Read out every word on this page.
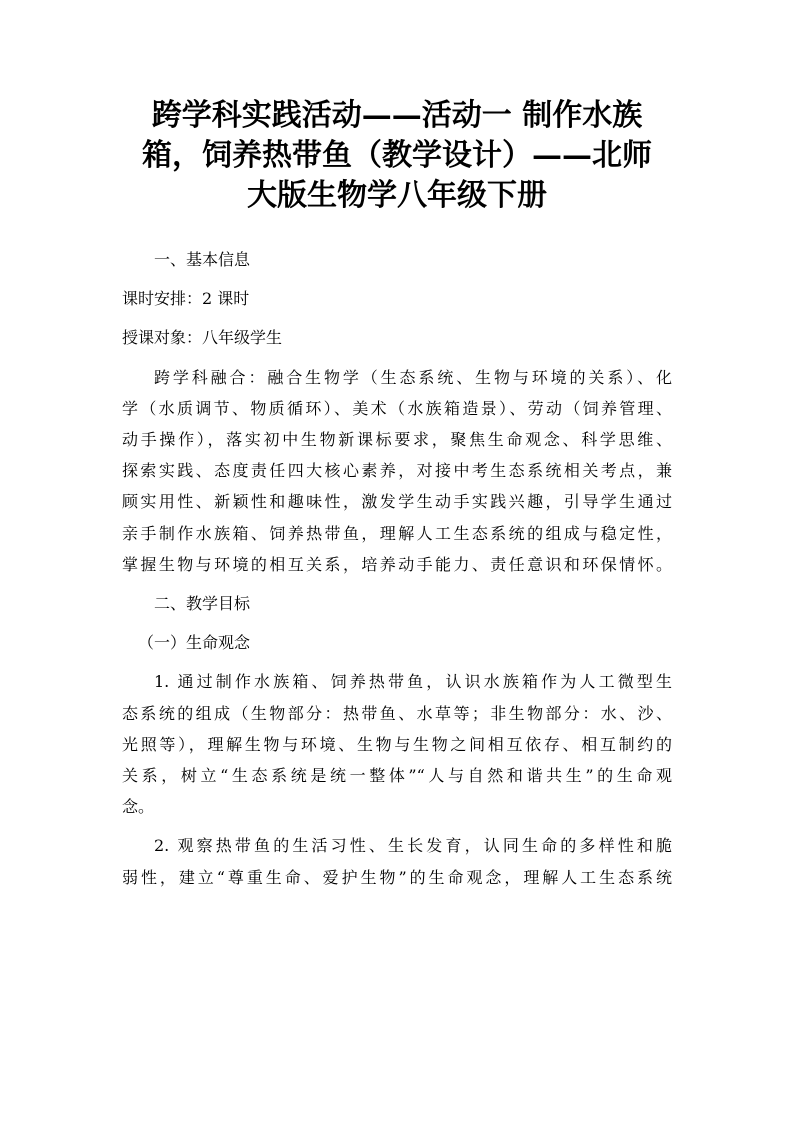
跨学科实践活动——活动一 制作水族
箱，饲养热带鱼（教学设计）——北师
大版生物学八年级下册
一、基本信息
课时安排：2 课时
授课对象：八年级学生
跨学科融合：融合生物学（生态系统、生物与环境的关系）、化
学（水质调节、物质循环）、美术（水族箱造景）、劳动（饲养管理、
动手操作），落实初中生物新课标要求，聚焦生命观念、科学思维、
探索实践、态度责任四大核心素养，对接中考生态系统相关考点，兼
顾实用性、新颖性和趣味性，激发学生动手实践兴趣，引导学生通过
亲手制作水族箱、饲养热带鱼，理解人工生态系统的组成与稳定性，
掌握生物与环境的相互关系，培养动手能力、责任意识和环保情怀。
二、教学目标
（一）生命观念
1. 通过制作水族箱、饲养热带鱼，认识水族箱作为人工微型生
态系统的组成（生物部分：热带鱼、水草等；非生物部分：水、沙、
光照等），理解生物与环境、生物与生物之间相互依存、相互制约的
关系，树立“生态系统是统一整体”“人与自然和谐共生”的生命观
念。
2. 观察热带鱼的生活习性、生长发育，认同生命的多样性和脆
弱性，建立“尊重生命、爱护生物”的生命观念，理解人工生态系统
